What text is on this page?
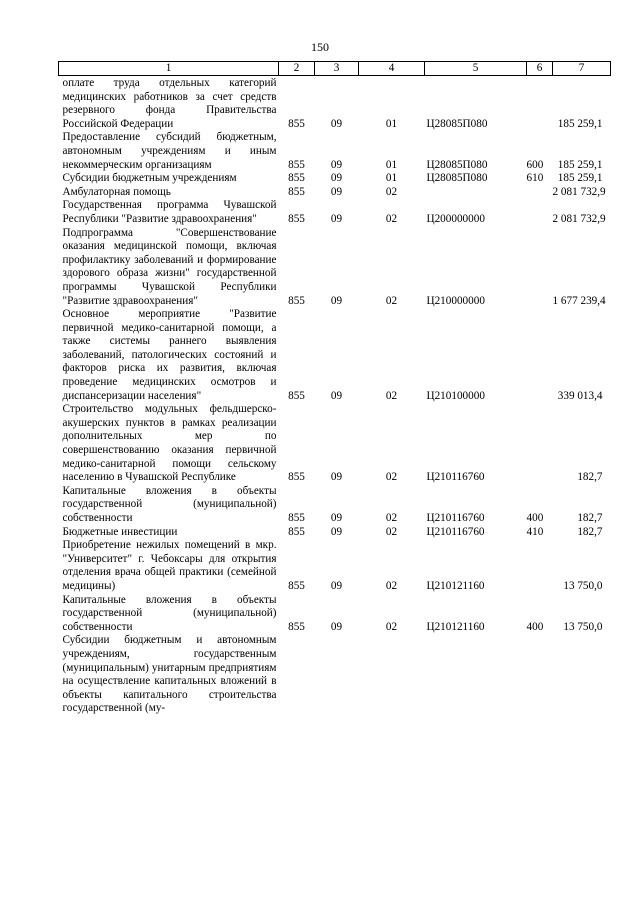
150
1	2	3	4	5	6	7
оплате труда отдельных категорий медицинских работников за счет средств резервного фонда Правительства Российской Федерации	855	09	01	Ц28085П080		185 259,1
Предоставление субсидий бюджетным, автономным учреждениям и иным некоммерческим организациям	855	09	01	Ц28085П080	600	185 259,1
Субсидии бюджетным учреждениям	855	09	01	Ц28085П080	610	185 259,1
Амбулаторная помощь	855	09	02			2 081 732,9
Государственная программа Чувашской Республики "Развитие здравоохранения"	855	09	02	Ц200000000		2 081 732,9
Подпрограмма "Совершенствование оказания медицинской помощи, включая профилактику заболеваний и формирование здорового образа жизни" государственной программы Чувашской Республики "Развитие здравоохранения"	855	09	02	Ц210000000		1 677 239,4
Основное мероприятие "Развитие первичной медико-санитарной помощи, а также системы раннего выявления заболеваний, патологических состояний и факторов риска их развития, включая проведение медицинских осмотров и диспансеризации населения"	855	09	02	Ц210100000		339 013,4
Строительство модульных фельдшерско-акушерских пунктов в рамках реализации дополнительных мер по совершенствованию оказания первичной медико-санитарной помощи сельскому населению в Чувашской Республике	855	09	02	Ц210116760		182,7
Капитальные вложения в объекты государственной (муниципальной) собственности	855	09	02	Ц210116760	400	182,7
Бюджетные инвестиции	855	09	02	Ц210116760	410	182,7
Приобретение нежилых помещений в мкр. "Университет" г. Чебоксары для открытия отделения врача общей практики (семейной медицины)	855	09	02	Ц210121160		13 750,0
Капитальные вложения в объекты государственной (муниципальной) собственности	855	09	02	Ц210121160	400	13 750,0
Субсидии бюджетным и автономным учреждениям, государственным (муниципальным) унитарным предприятиям на осуществление капитальных вложений в объекты капитального строительства государственной (му-						
